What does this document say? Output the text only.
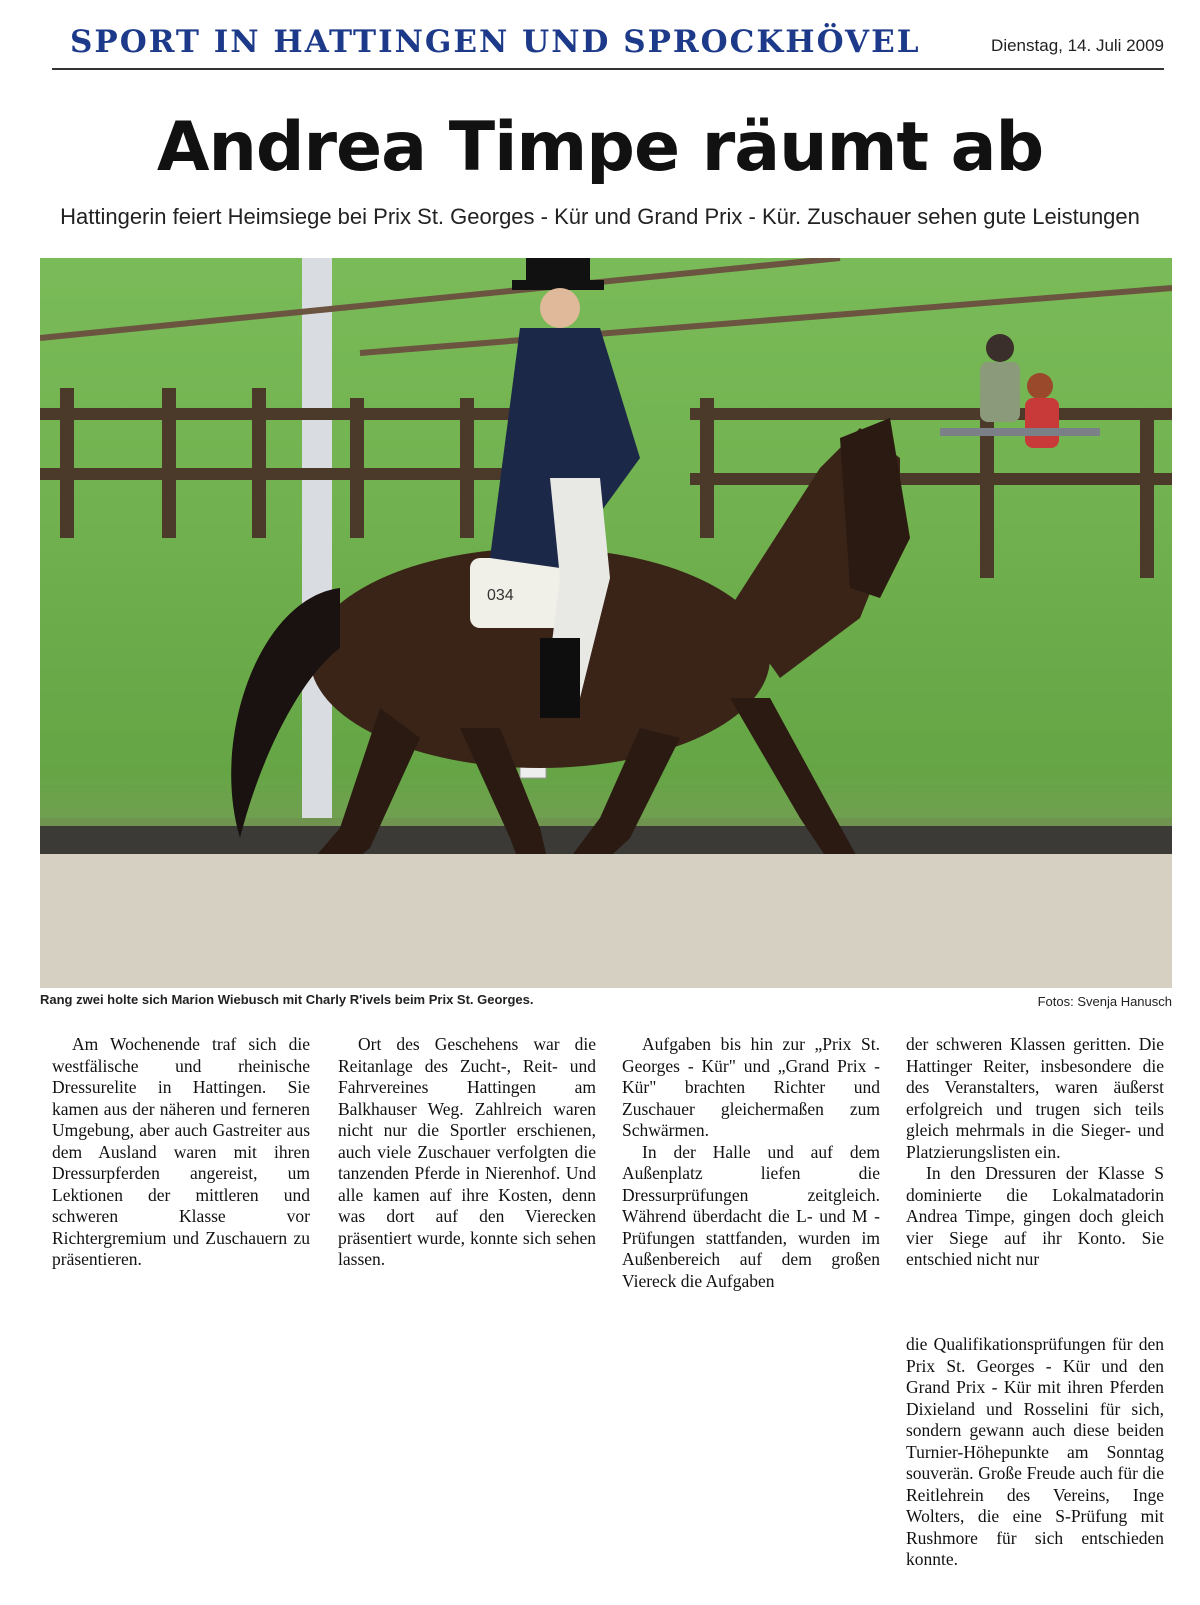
SPORT IN HATTINGEN UND SPROCKHÖVEL	Dienstag, 14. Juli 2009
Andrea Timpe räumt ab
Hattingerin feiert Heimsiege bei Prix St. Georges - Kür und Grand Prix - Kür. Zuschauer sehen gute Leistungen
034
Rang zwei holte sich Marion Wiebusch mit Charly R'ivels beim Prix St. Georges.	Fotos: Svenja Hanusch

Am Wochenende traf sich die westfälische und rheinische Dressurelite in Hattingen. Sie kamen aus der näheren und ferneren Umgebung, aber auch Gastreiter aus dem Ausland waren mit ihren Dressurpferden angereist, um Lektionen der mittleren und schweren Klasse vor Richtergremium und Zuschauern zu präsentieren.

Ort des Geschehens war die Reitanlage des Zucht-, Reit- und Fahrvereines Hattingen am Balkhauser Weg. Zahlreich waren nicht nur die Sportler erschienen, auch viele Zuschauer verfolgten die tanzenden Pferde in Nierenhof. Und alle kamen auf ihre Kosten, denn was dort auf den Vierecken präsentiert wurde, konnte sich sehen lassen.

Aufgaben bis hin zur „Prix St. Georges - Kür" und „Grand Prix - Kür" brachten Richter und Zuschauer gleichermaßen zum Schwärmen.

In der Halle und auf dem Außenplatz liefen die Dressurprüfungen zeitgleich. Während überdacht die L- und M - Prüfungen stattfanden, wurden im Außenbereich auf dem großen Viereck die Aufgaben

der schweren Klassen geritten. Die Hattinger Reiter, insbesondere die des Veranstalters, waren äußerst erfolgreich und trugen sich teils gleich mehrmals in die Sieger- und Platzierungslisten ein.

In den Dressuren der Klasse S dominierte die Lokalmatadorin Andrea Timpe, gingen doch gleich vier Siege auf ihr Konto. Sie entschied nicht nur

die Qualifikationsprüfungen für den Prix St. Georges - Kür und den Grand Prix - Kür mit ihren Pferden Dixieland und Rosselini für sich, sondern gewann auch diese beiden Turnier-Höhepunkte am Sonntag souverän. Große Freude auch für die Reitlehrein des Vereins, Inge Wolters, die eine S-Prüfung mit Rushmore für sich entschieden konnte.
